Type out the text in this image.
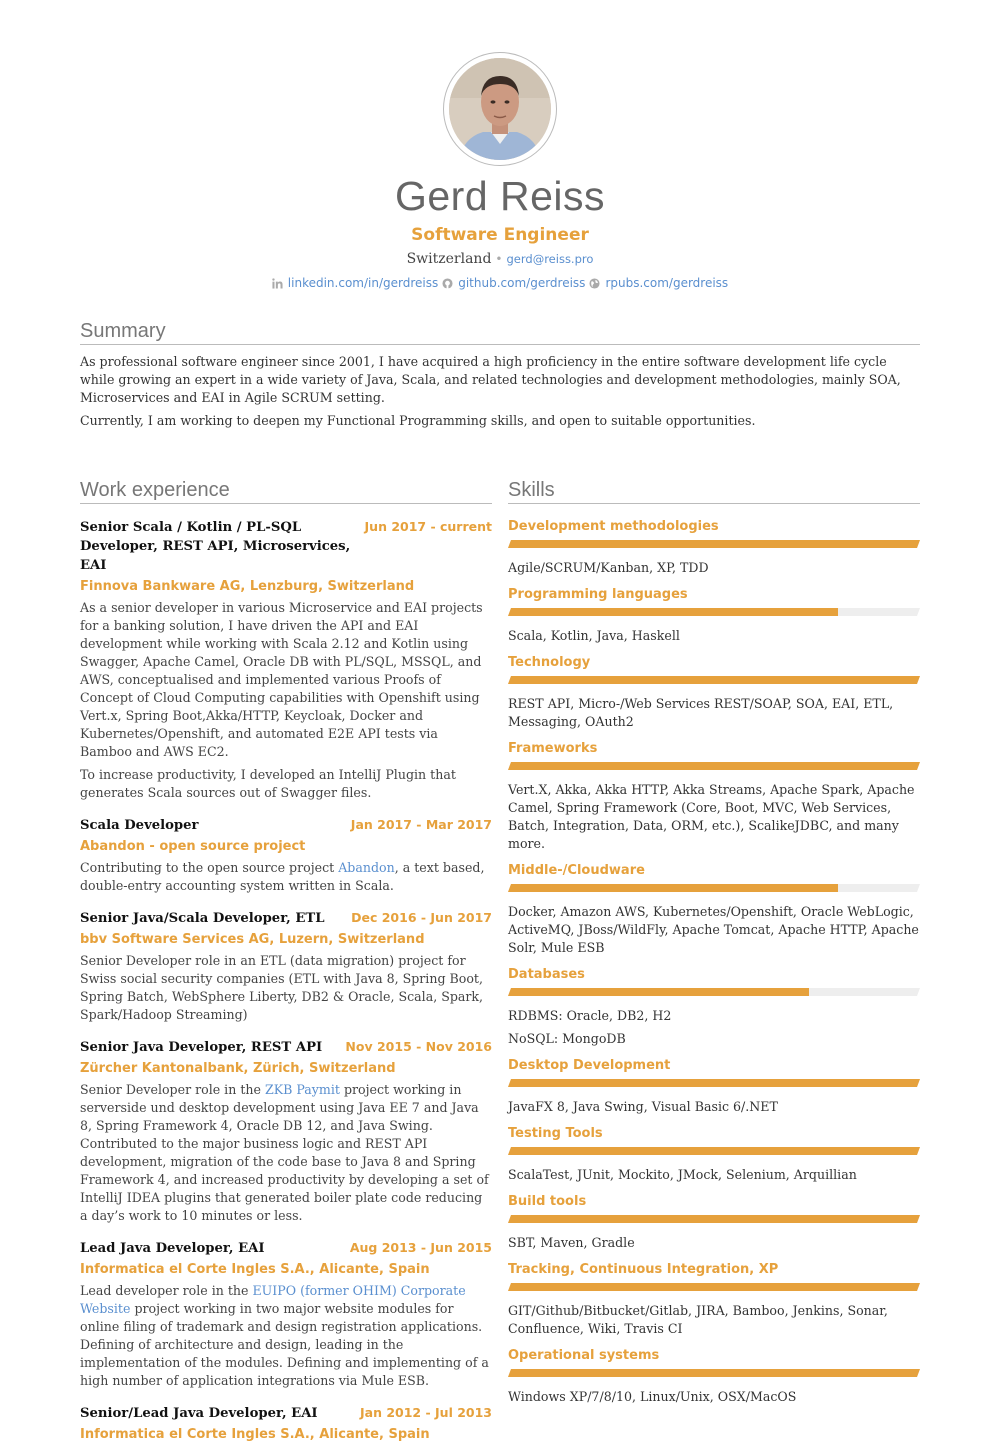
Gerd Reiss
Software Engineer
Switzerland • gerd@reiss.pro
linkedin.com/in/gerdreiss github.com/gerdreiss rpubs.com/gerdreiss
Summary

As professional software engineer since 2001, I have acquired a high proficiency in the entire software development life cycle while growing an expert in a wide variety of Java, Scala, and related technologies and development methodologies, mainly SOA, Microservices and EAI in Agile SCRUM setting.

Currently, I am working to deepen my Functional Programming skills, and open to suitable opportunities.

Work experience
Senior Scala / Kotlin / PL-SQL Developer, REST API, Microservices, EAI
Jun 2017 - current
Finnova Bankware AG, Lenzburg, Switzerland

As a senior developer in various Microservice and EAI projects for a banking solution, I have driven the API and EAI development while working with Scala 2.12 and Kotlin using Swagger, Apache Camel, Oracle DB with PL/SQL, MSSQL, and AWS, conceptualised and implemented various Proofs of Concept of Cloud Computing capabilities with Openshift using Vert.x, Spring Boot,Akka/HTTP, Keycloak, Docker and Kubernetes/Openshift, and automated E2E API tests via Bamboo and AWS EC2.

To increase productivity, I developed an IntelliJ Plugin that generates Scala sources out of Swagger files.

Scala Developer	Jan 2017 - Mar 2017
Abandon - open source project

Contributing to the open source project Abandon, a text based, double-entry accounting system written in Scala.

Senior Java/Scala Developer, ETL Dec 2016 - Jun 2017
bbv Software Services AG, Luzern, Switzerland

Senior Developer role in an ETL (data migration) project for Swiss social security companies (ETL with Java 8, Spring Boot, Spring Batch, WebSphere Liberty, DB2 & Oracle, Scala, Spark, Spark/Hadoop Streaming)

Senior Java Developer, REST API Nov 2015 - Nov 2016
Zürcher Kantonalbank, Zürich, Switzerland

Senior Developer role in the ZKB Paymit project working in serverside und desktop development using Java EE 7 and Java 8, Spring Framework 4, Oracle DB 12, and Java Swing. Contributed to the major business logic and REST API development, migration of the code base to Java 8 and Spring Framework 4, and increased productivity by developing a set of IntelliJ IDEA plugins that generated boiler plate code reducing a day’s work to 10 minutes or less.

Lead Java Developer, EAI	Aug 2013 - Jun 2015
Informatica el Corte Ingles S.A., Alicante, Spain

Lead developer role in the EUIPO (former OHIM) Corporate Website project working in two major website modules for online filing of trademark and design registration applications. Defining of architecture and design, leading in the implementation of the modules. Defining and implementing of a high number of application integrations via Mule ESB.

Senior/Lead Java Developer, EAI	Jan 2012 - Jul 2013
Informatica el Corte Ingles S.A., Alicante, Spain
Skills
Development methodologies
Agile/SCRUM/Kanban, XP, TDD
Programming languages
Scala, Kotlin, Java, Haskell
Technology
REST API, Micro-/Web Services REST/SOAP, SOA, EAI, ETL, Messaging, OAuth2
Frameworks
Vert.X, Akka, Akka HTTP, Akka Streams, Apache Spark, Apache Camel, Spring Framework (Core, Boot, MVC, Web Services, Batch, Integration, Data, ORM, etc.), ScalikeJDBC, and many more.
Middle-/Cloudware
Docker, Amazon AWS, Kubernetes/Openshift, Oracle WebLogic, ActiveMQ, JBoss/WildFly, Apache Tomcat, Apache HTTP, Apache Solr, Mule ESB
Databases
RDBMS: Oracle, DB2, H2
NoSQL: MongoDB
Desktop Development
JavaFX 8, Java Swing, Visual Basic 6/.NET
Testing Tools
ScalaTest, JUnit, Mockito, JMock, Selenium, Arquillian
Build tools
SBT, Maven, Gradle
Tracking, Continuous Integration, XP
GIT/Github/Bitbucket/Gitlab, JIRA, Bamboo, Jenkins, Sonar, Confluence, Wiki, Travis CI
Operational systems
Windows XP/7/8/10, Linux/Unix, OSX/MacOS
